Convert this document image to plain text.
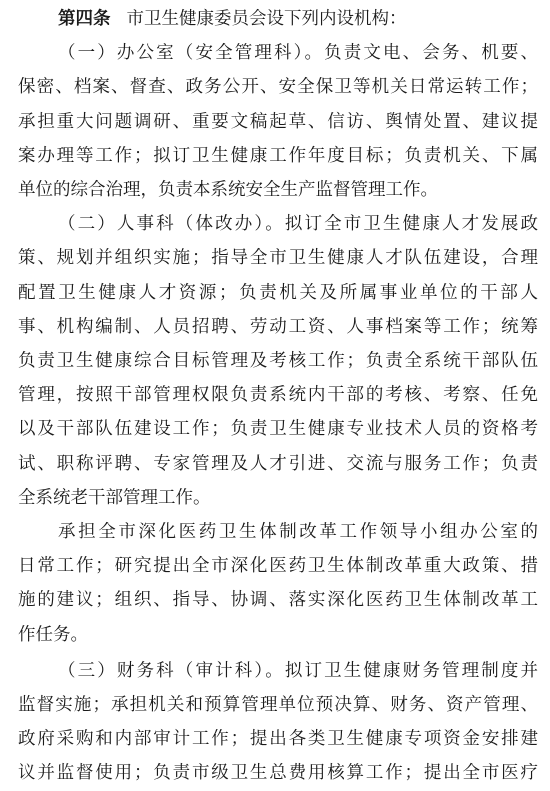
第四条 市卫生健康委员会设下列内设机构：
（一）办公室（安全管理科）。负责文电、会务、机要、
保密、档案、督查、政务公开、安全保卫等机关日常运转工作；
承担重大问题调研、重要文稿起草、信访、舆情处置、建议提
案办理等工作；拟订卫生健康工作年度目标；负责机关、下属
单位的综合治理，负责本系统安全生产监督管理工作。
（二）人事科（体改办）。拟订全市卫生健康人才发展政
策、规划并组织实施；指导全市卫生健康人才队伍建设，合理
配置卫生健康人才资源；负责机关及所属事业单位的干部人
事、机构编制、人员招聘、劳动工资、人事档案等工作；统筹
负责卫生健康综合目标管理及考核工作；负责全系统干部队伍
管理，按照干部管理权限负责系统内干部的考核、考察、任免
以及干部队伍建设工作；负责卫生健康专业技术人员的资格考
试、职称评聘、专家管理及人才引进、交流与服务工作；负责
全系统老干部管理工作。
承担全市深化医药卫生体制改革工作领导小组办公室的
日常工作；研究提出全市深化医药卫生体制改革重大政策、措
施的建议；组织、指导、协调、落实深化医药卫生体制改革工
作任务。
（三）财务科（审计科）。拟订卫生健康财务管理制度并
监督实施；承担机关和预算管理单位预决算、财务、资产管理、
政府采购和内部审计工作；提出各类卫生健康专项资金安排建
议并监督使用；负责市级卫生总费用核算工作；提出全市医疗
